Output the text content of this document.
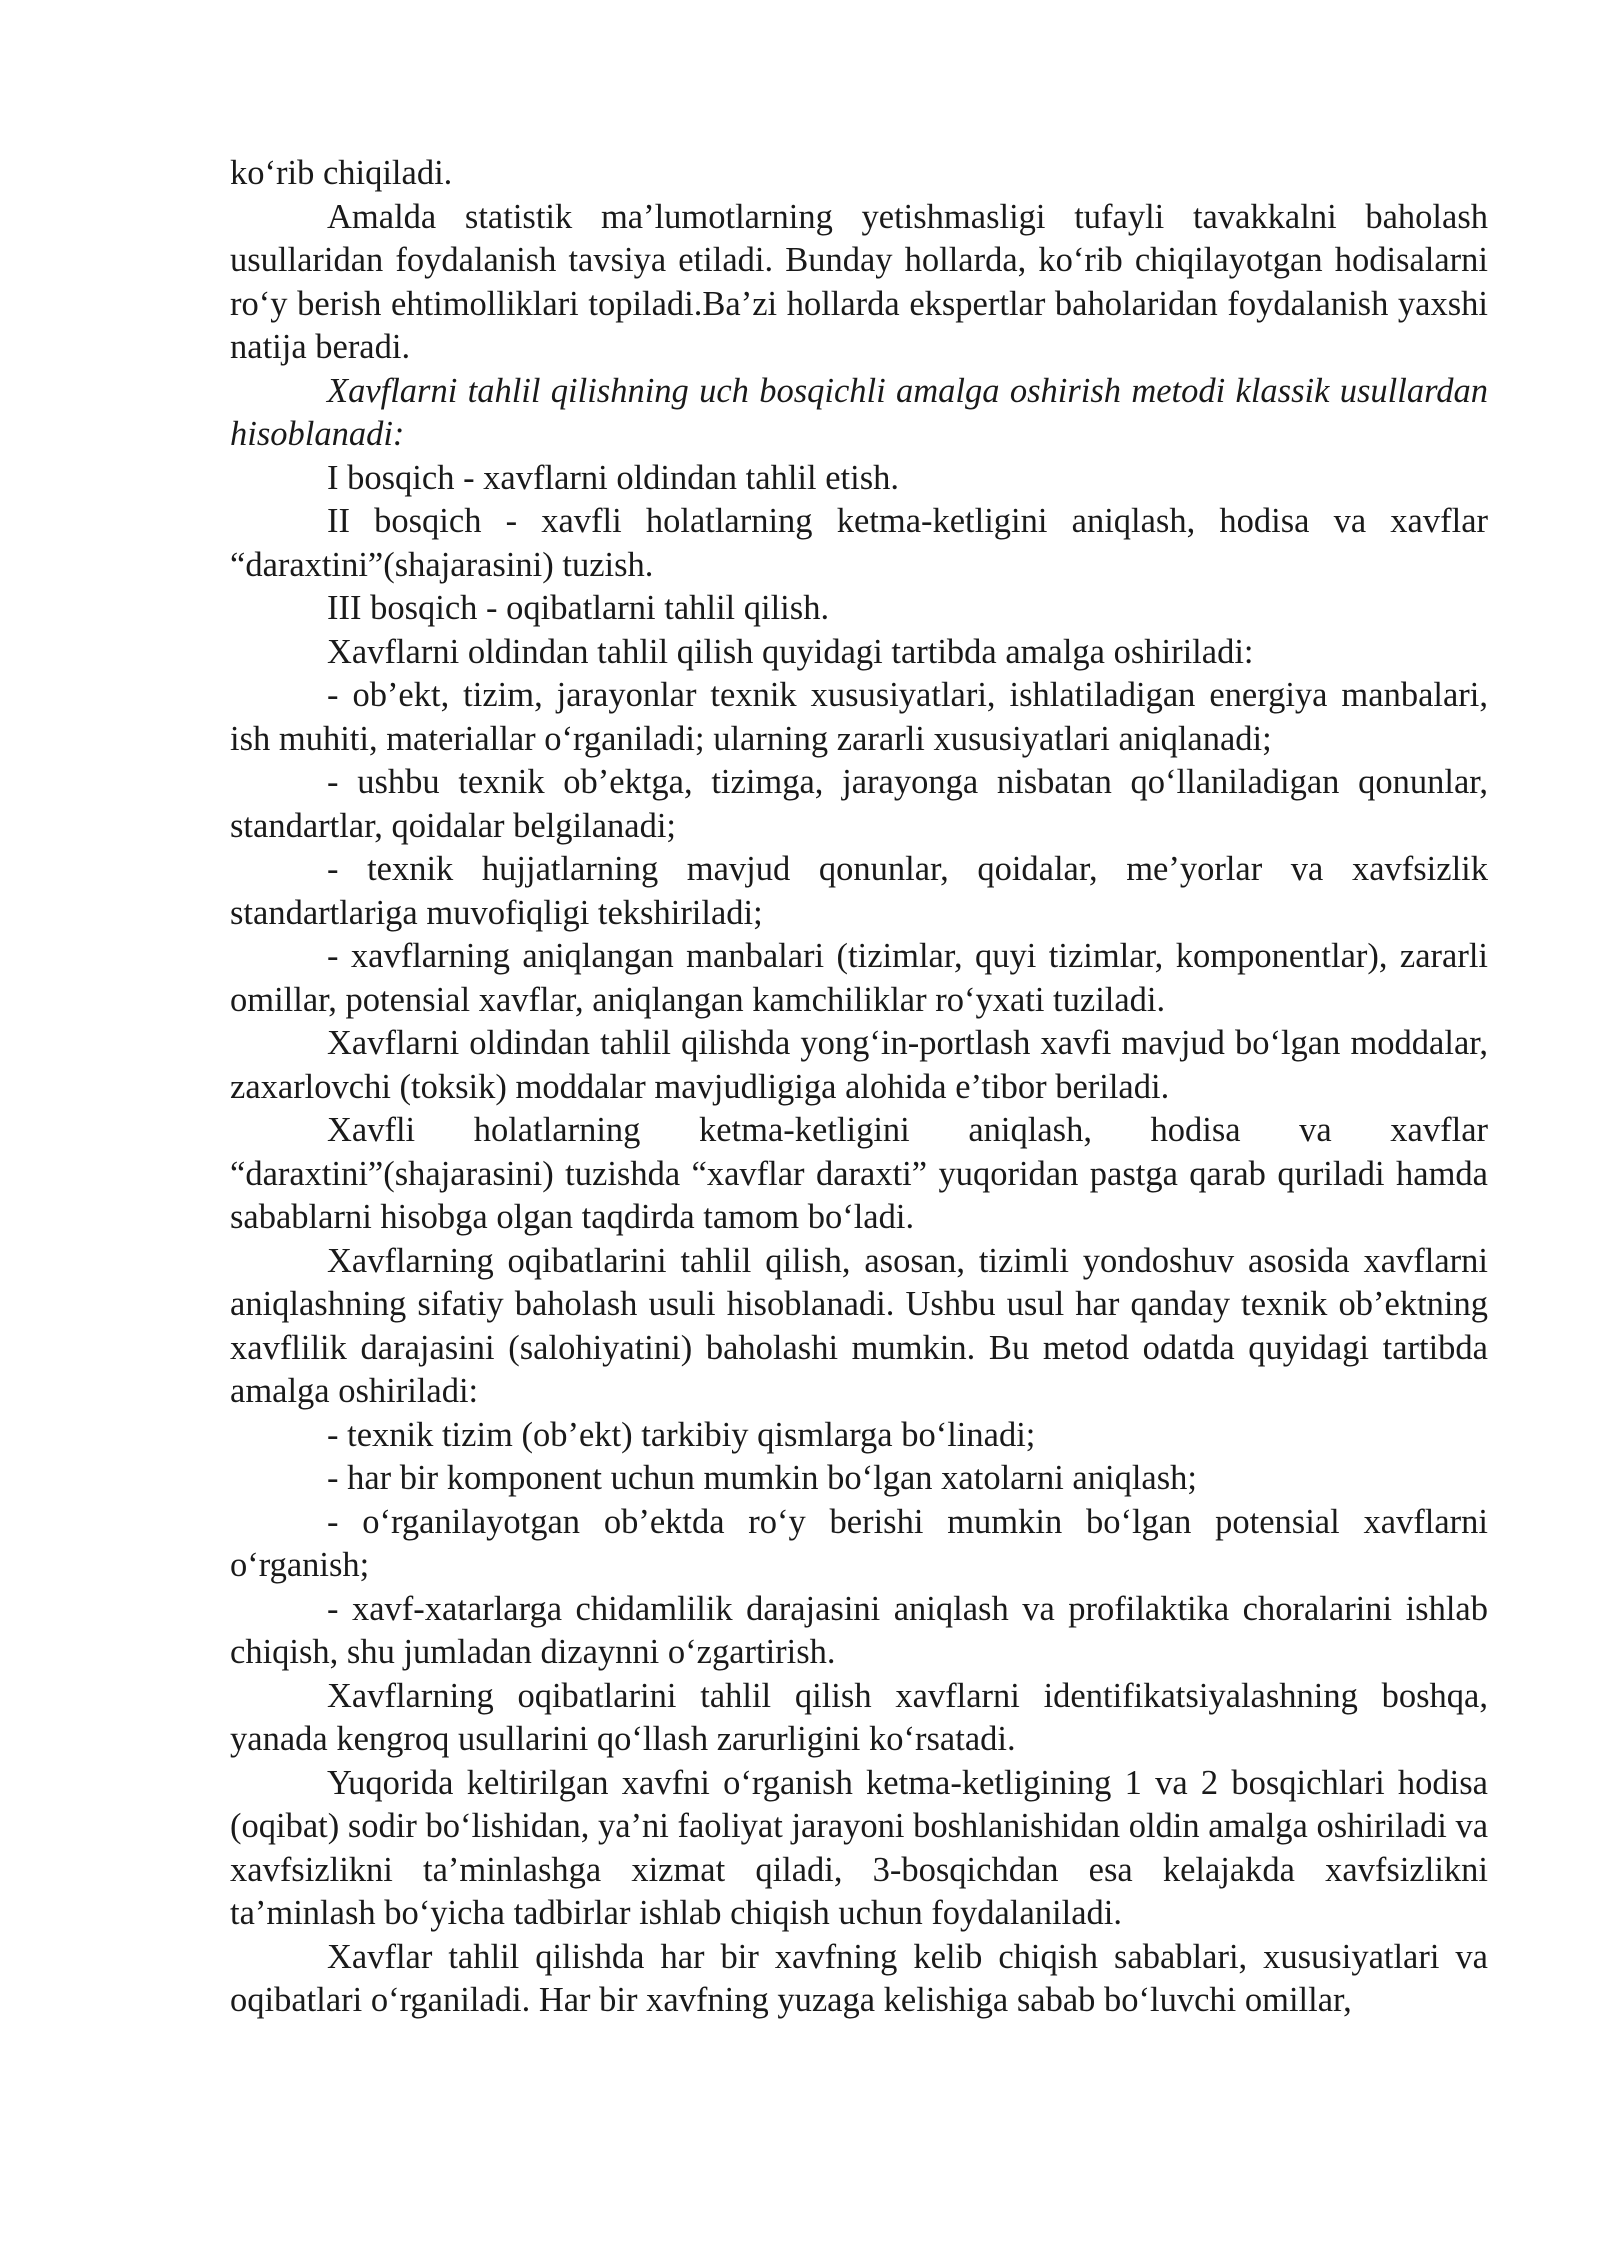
ko‘rib chiqiladi.

Amalda statistik ma’lumotlarning yetishmasligi tufayli tavakkalni baholash usullaridan foydalanish tavsiya etiladi. Bunday hollarda, ko‘rib chiqilayotgan hodisalarni ro‘y berish ehtimolliklari topiladi.Ba’zi hollarda ekspertlar baholaridan foydalanish yaxshi natija beradi.

Xavflarni tahlil qilishning uch bosqichli amalga oshirish metodi klassik usullardan hisoblanadi:

I bosqich - xavflarni oldindan tahlil etish.

II bosqich - xavfli holatlarning ketma-ketligini aniqlash, hodisa va xavflar “daraxtini”(shajarasini) tuzish.

III bosqich - oqibatlarni tahlil qilish.

Xavflarni oldindan tahlil qilish quyidagi tartibda amalga oshiriladi:

- ob’ekt, tizim, jarayonlar texnik xususiyatlari, ishlatiladigan energiya manbalari, ish muhiti, materiallar o‘rganiladi; ularning zararli xususiyatlari aniqlanadi;

- ushbu texnik ob’ektga, tizimga, jarayonga nisbatan qo‘llaniladigan qonunlar, standartlar, qoidalar belgilanadi;

- texnik hujjatlarning mavjud qonunlar, qoidalar, me’yorlar va xavfsizlik standartlariga muvofiqligi tekshiriladi;

- xavflarning aniqlangan manbalari (tizimlar, quyi tizimlar, komponentlar), zararli omillar, potensial xavflar, aniqlangan kamchiliklar ro‘yxati tuziladi.

Xavflarni oldindan tahlil qilishda yong‘in-portlash xavfi mavjud bo‘lgan moddalar, zaxarlovchi (toksik) moddalar mavjudligiga alohida e’tibor beriladi.

Xavfli holatlarning ketma-ketligini aniqlash, hodisa va xavflar “daraxtini”(shajarasini) tuzishda “xavflar daraxti” yuqoridan pastga qarab quriladi hamda sabablarni hisobga olgan taqdirda tamom bo‘ladi.

Xavflarning oqibatlarini tahlil qilish, asosan, tizimli yondoshuv asosida xavflarni aniqlashning sifatiy baholash usuli hisoblanadi. Ushbu usul har qanday texnik ob’ektning xavflilik darajasini (salohiyatini) baholashi mumkin. Bu metod odatda quyidagi tartibda amalga oshiriladi:

- texnik tizim (ob’ekt) tarkibiy qismlarga bo‘linadi;

- har bir komponent uchun mumkin bo‘lgan xatolarni aniqlash;

- o‘rganilayotgan ob’ektda ro‘y berishi mumkin bo‘lgan potensial xavflarni o‘rganish;

- xavf-xatarlarga chidamlilik darajasini aniqlash va profilaktika choralarini ishlab chiqish, shu jumladan dizaynni o‘zgartirish.

Xavflarning oqibatlarini tahlil qilish xavflarni identifikatsiyalashning boshqa, yanada kengroq usullarini qo‘llash zarurligini ko‘rsatadi.

Yuqorida keltirilgan xavfni o‘rganish ketma-ketligining 1 va 2 bosqichlari hodisa (oqibat) sodir bo‘lishidan, ya’ni faoliyat jarayoni boshlanishidan oldin amalga oshiriladi va xavfsizlikni ta’minlashga xizmat qiladi, 3-bosqichdan esa kelajakda xavfsizlikni ta’minlash bo‘yicha tadbirlar ishlab chiqish uchun foydalaniladi.

Xavflar tahlil qilishda har bir xavfning kelib chiqish sabablari, xususiyatlari va oqibatlari o‘rganiladi. Har bir xavfning yuzaga kelishiga sabab bo‘luvchi omillar,
